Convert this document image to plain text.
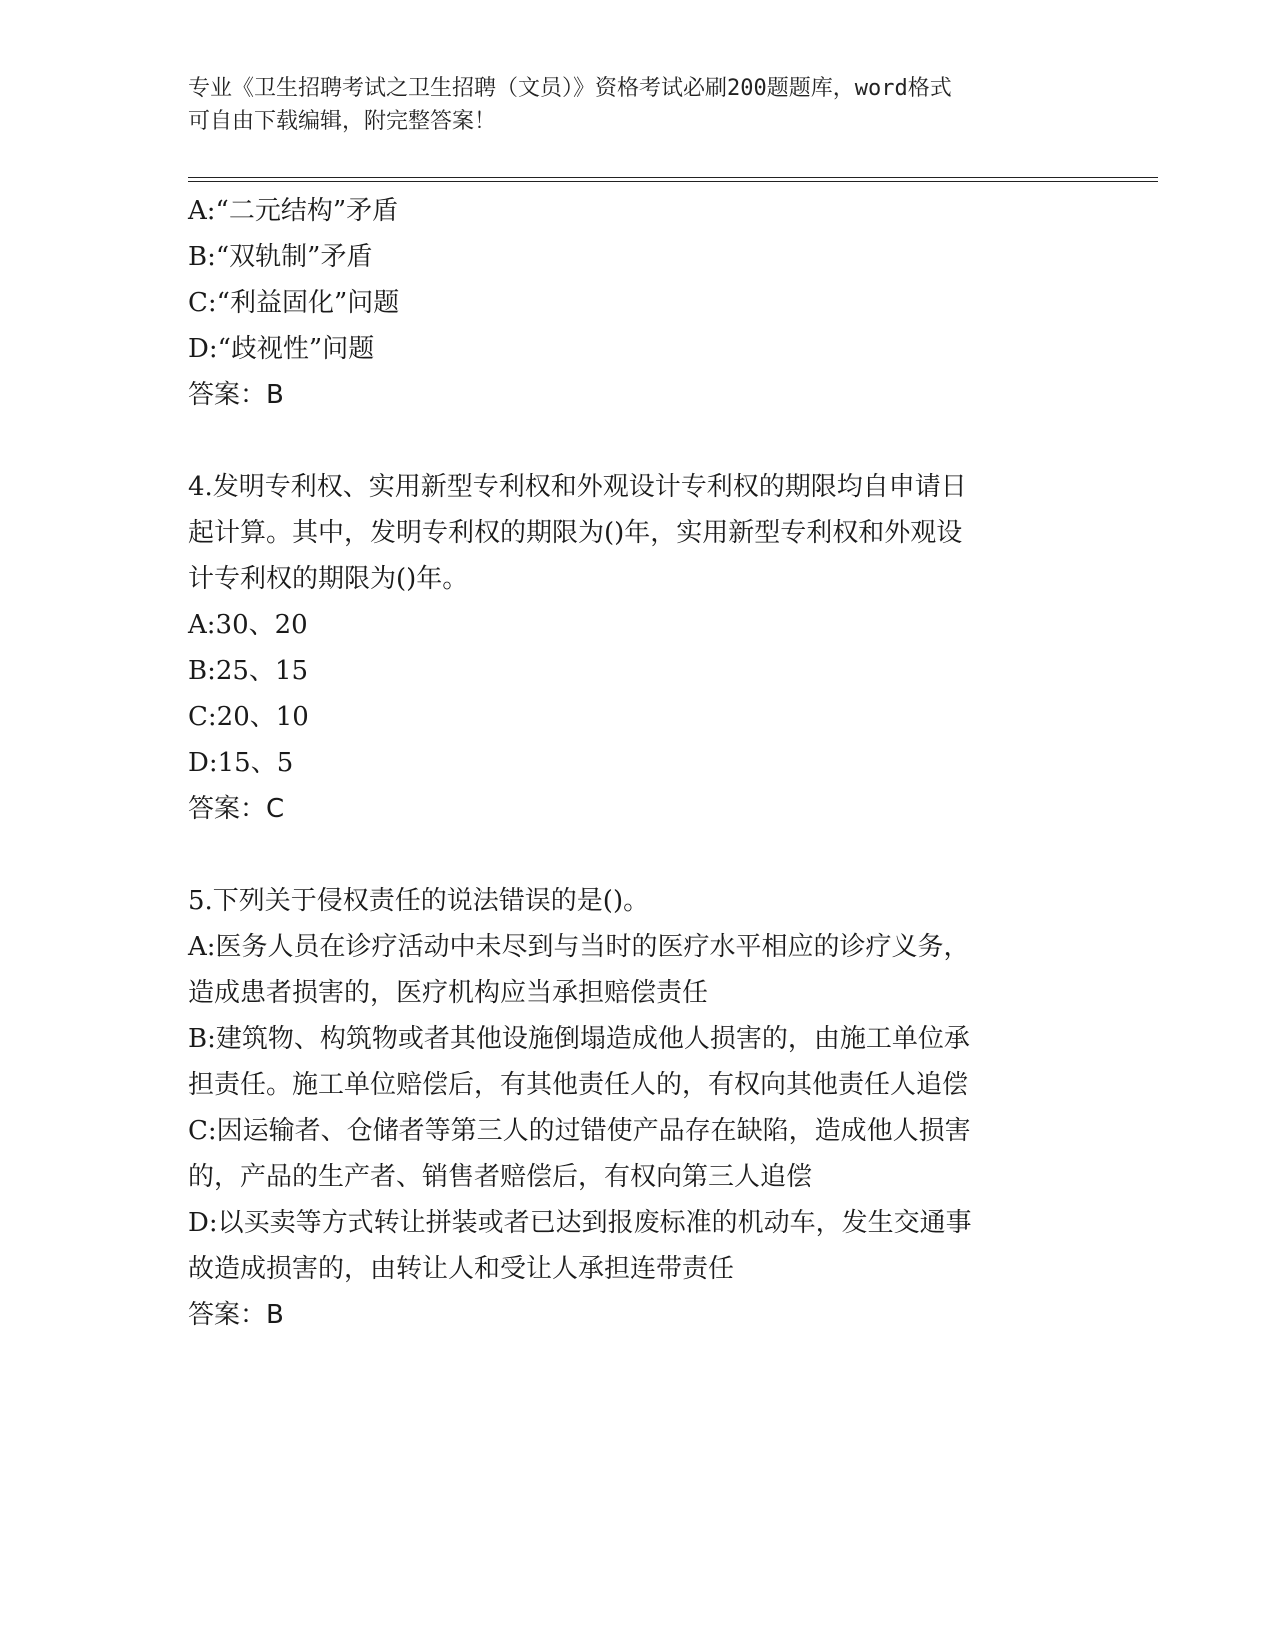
专业《卫生招聘考试之卫生招聘（文员）》资格考试必刷200题题库，word格式
可自由下载编辑，附完整答案！
A:“二元结构”矛盾
B:“双轨制”矛盾
C:“利益固化”问题
D:“歧视性”问题
答案：B
4.发明专利权、实用新型专利权和外观设计专利权的期限均自申请日
起计算。其中，发明专利权的期限为()年，实用新型专利权和外观设
计专利权的期限为()年。
A:30、20
B:25、15
C:20、10
D:15、5
答案：C
5.下列关于侵权责任的说法错误的是()。
A:医务人员在诊疗活动中未尽到与当时的医疗水平相应的诊疗义务，
造成患者损害的，医疗机构应当承担赔偿责任
B:建筑物、构筑物或者其他设施倒塌造成他人损害的，由施工单位承
担责任。施工单位赔偿后，有其他责任人的，有权向其他责任人追偿
C:因运输者、仓储者等第三人的过错使产品存在缺陷，造成他人损害
的，产品的生产者、销售者赔偿后，有权向第三人追偿
D:以买卖等方式转让拼装或者已达到报废标准的机动车，发生交通事
故造成损害的，由转让人和受让人承担连带责任
答案：B
